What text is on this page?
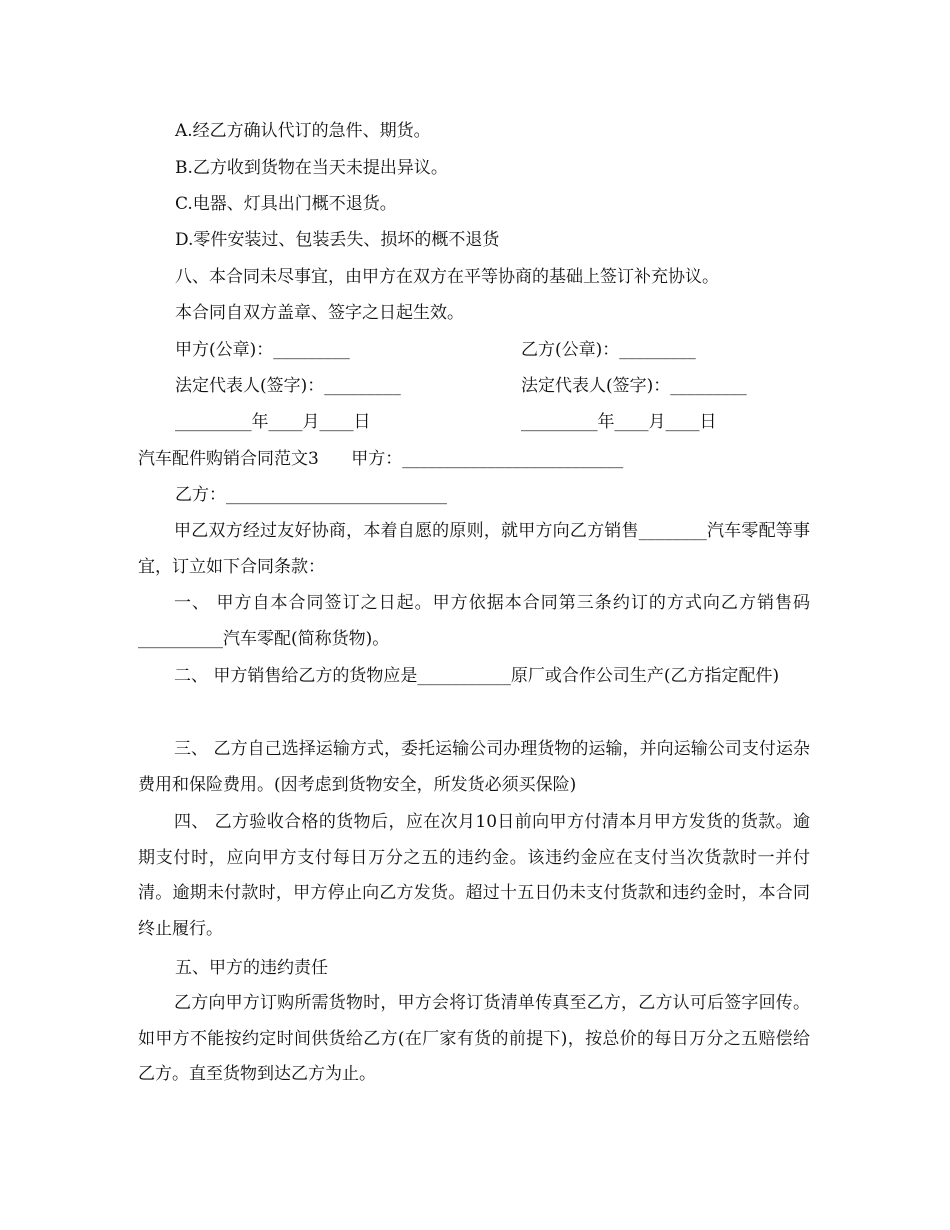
A.经乙方确认代订的急件、期货。

B.乙方收到货物在当天未提出异议。

C.电器、灯具出门概不退货。

D.零件安装过、包装丢失、损坏的概不退货

八、本合同未尽事宜，由甲方在双方在平等协商的基础上签订补充协议。

本合同自双方盖章、签字之日起生效。

甲方(公章)：_________	乙方(公章)：_________

法定代表人(签字)：_________	法定代表人(签字)：_________

_________年____月____日	_________年____月____日

汽车配件购销合同范文3      甲方：__________________________

乙方：__________________________

甲乙双方经过友好协商，本着自愿的原则，就甲方向乙方销售________汽车零配等事宜，订立如下合同条款：

一、 甲方自本合同签订之日起。甲方依据本合同第三条约订的方式向乙方销售码__________汽车零配(简称货物)。

二、 甲方销售给乙方的货物应是___________原厂或合作公司生产(乙方指定配件)

三、 乙方自己选择运输方式，委托运输公司办理货物的运输，并向运输公司支付运杂费用和保险费用。(因考虑到货物安全，所发货必须买保险)

四、 乙方验收合格的货物后，应在次月10日前向甲方付清本月甲方发货的货款。逾期支付时，应向甲方支付每日万分之五的违约金。该违约金应在支付当次货款时一并付清。逾期未付款时，甲方停止向乙方发货。超过十五日仍未支付货款和违约金时，本合同终止履行。

五、甲方的违约责任

乙方向甲方订购所需货物时，甲方会将订货清单传真至乙方，乙方认可后签字回传。如甲方不能按约定时间供货给乙方(在厂家有货的前提下)，按总价的每日万分之五赔偿给乙方。直至货物到达乙方为止。
